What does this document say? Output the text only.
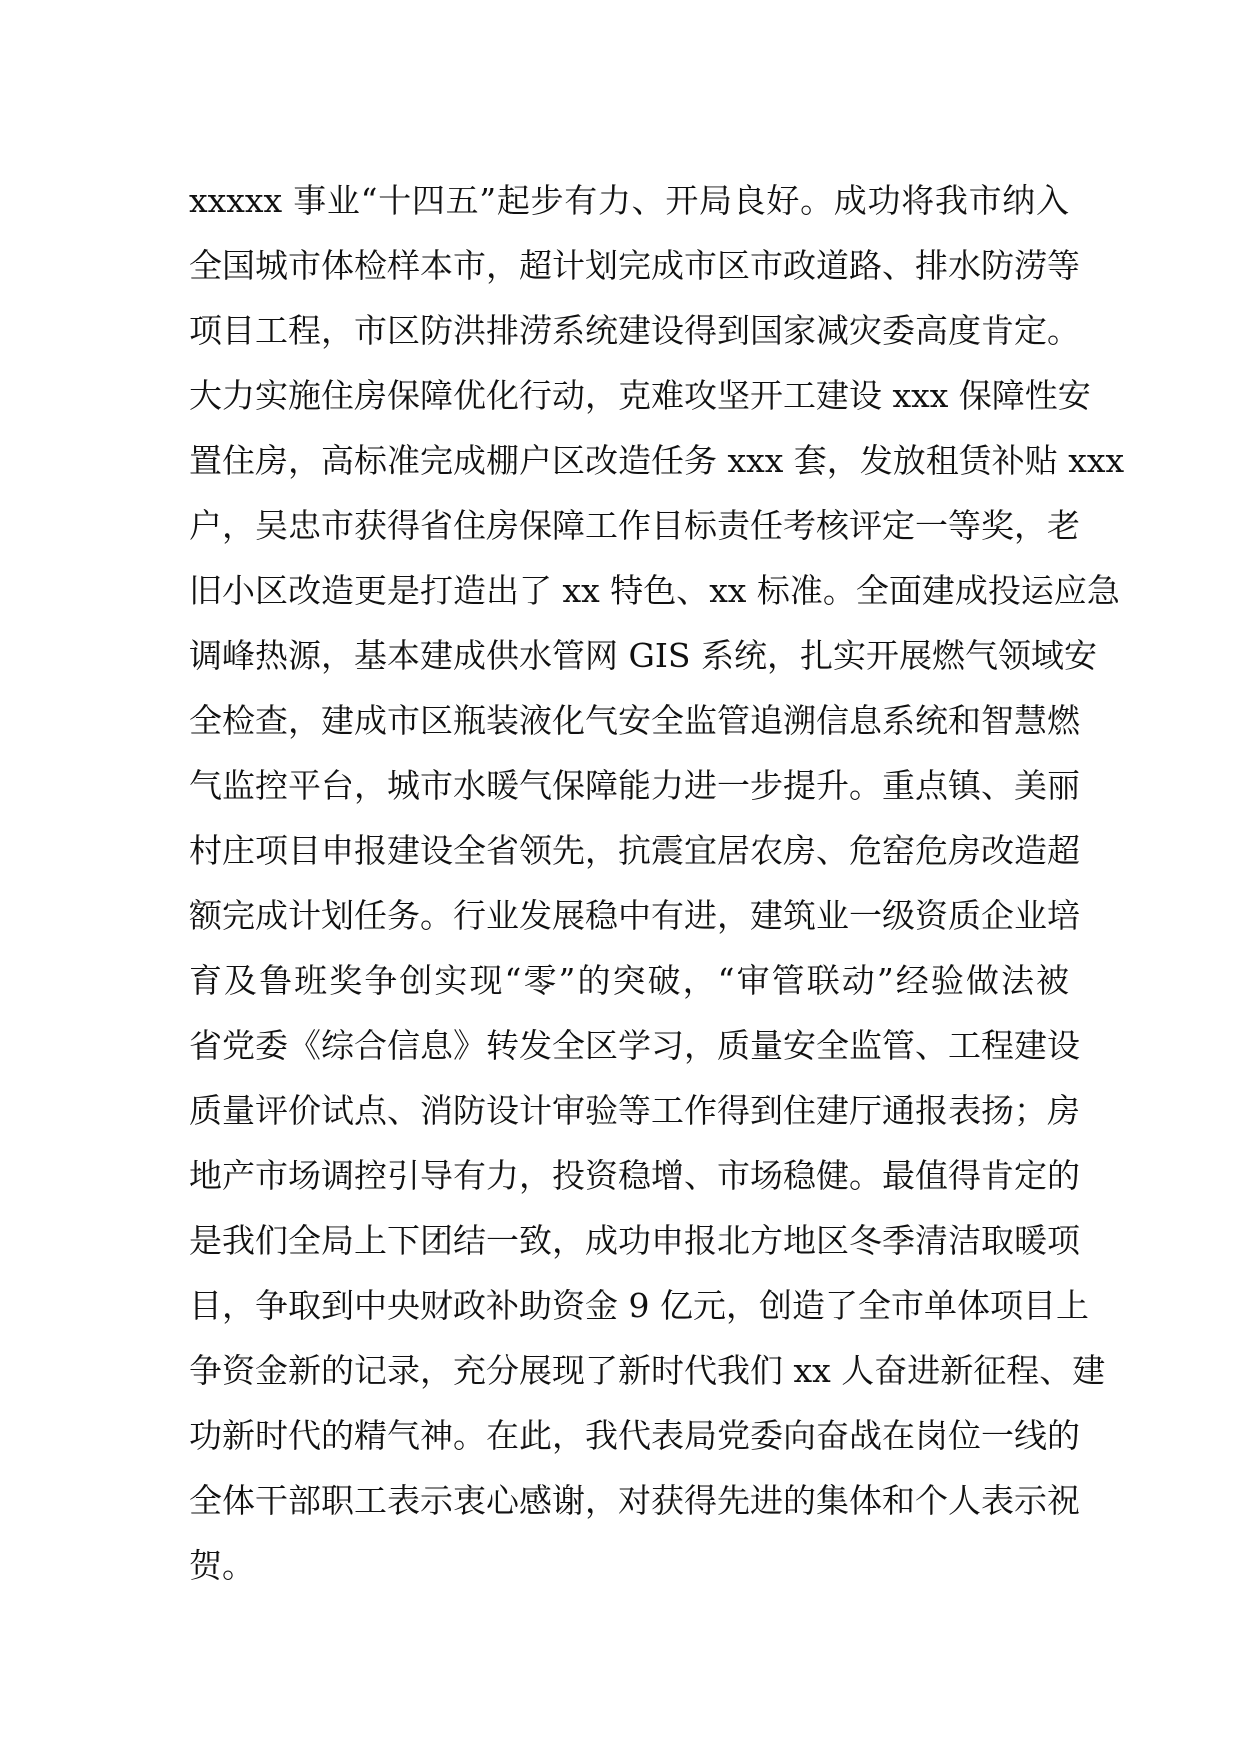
xxxxx 事业“十四五”起步有力、开局良好。成功将我市纳入
全国城市体检样本市，超计划完成市区市政道路、排水防涝等
项目工程，市区防洪排涝系统建设得到国家减灾委高度肯定。
大力实施住房保障优化行动，克难攻坚开工建设 xxx 保障性安
置住房，高标准完成棚户区改造任务 xxx 套，发放租赁补贴 xxx
户，吴忠市获得省住房保障工作目标责任考核评定一等奖，老
旧小区改造更是打造出了 xx 特色、xx 标准。全面建成投运应急
调峰热源，基本建成供水管网 GIS 系统，扎实开展燃气领域安
全检查，建成市区瓶装液化气安全监管追溯信息系统和智慧燃
气监控平台，城市水暖气保障能力进一步提升。重点镇、美丽
村庄项目申报建设全省领先，抗震宜居农房、危窑危房改造超
额完成计划任务。行业发展稳中有进，建筑业一级资质企业培
育及鲁班奖争创实现“零”的突破，“审管联动”经验做法被
省党委《综合信息》转发全区学习，质量安全监管、工程建设
质量评价试点、消防设计审验等工作得到住建厅通报表扬；房
地产市场调控引导有力，投资稳增、市场稳健。最值得肯定的
是我们全局上下团结一致，成功申报北方地区冬季清洁取暖项
目，争取到中央财政补助资金 9 亿元，创造了全市单体项目上
争资金新的记录，充分展现了新时代我们 xx 人奋进新征程、建
功新时代的精气神。在此，我代表局党委向奋战在岗位一线的
全体干部职工表示衷心感谢，对获得先进的集体和个人表示祝
贺。
